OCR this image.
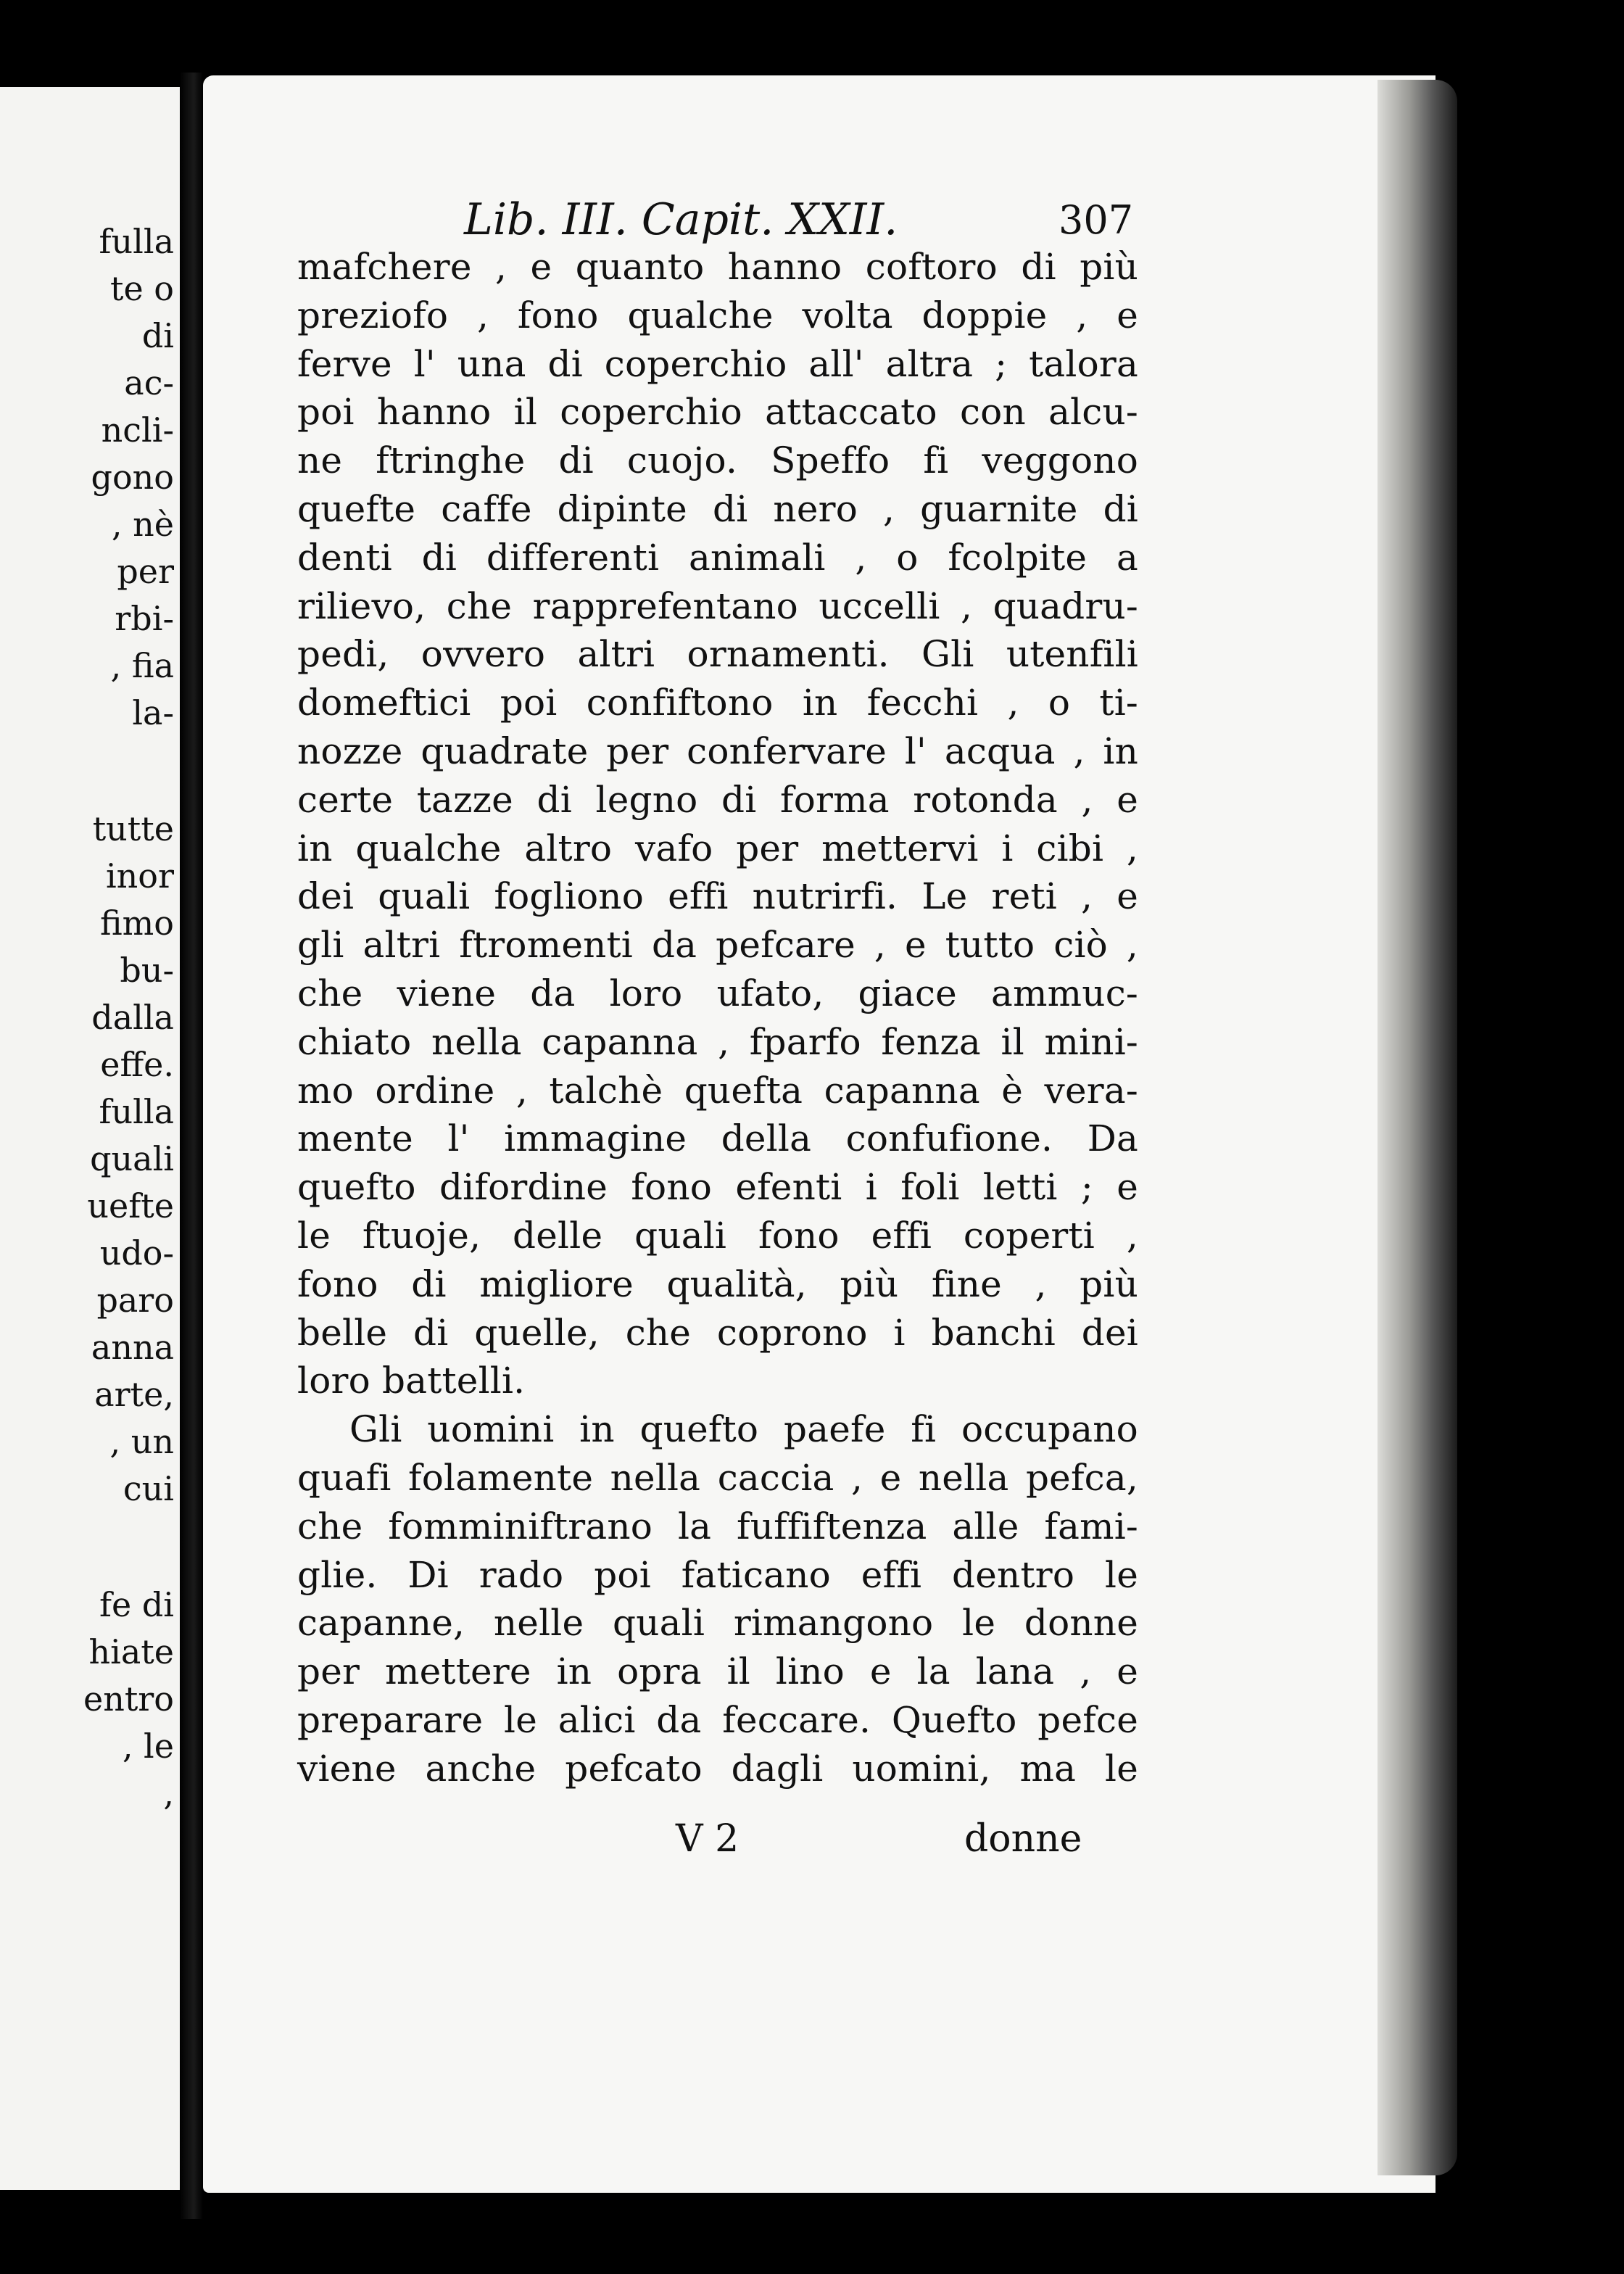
fulla
te o
di
ac-
ncli-
gono
, nè
per
rbi-
, fia
la-
tutte
inor
fimo
bu-
dalla
effe.
fulla
quali
uefte
udo-
paro
anna
arte,
, un
cui
fe di
hiate
entro
, le
,
Lib. III. Capit. XXII.	307
mafchere , e quanto hanno coftoro di più
preziofo , fono qualche volta doppie , e
ferve l' una di coperchio all' altra ; talora
poi hanno il coperchio attaccato con alcu-
ne ftringhe di cuojo. Speffo fi veggono
quefte caffe dipinte di nero , guarnite di
denti di differenti animali , o fcolpite a
rilievo, che rapprefentano uccelli , quadru-
pedi, ovvero altri ornamenti. Gli utenfili
domeftici poi confiftono in fecchi , o ti-
nozze quadrate per confervare l' acqua , in
certe tazze di legno di forma rotonda , e
in qualche altro vafo per mettervi i cibi ,
dei quali fogliono effi nutrirfi. Le reti , e
gli altri ftromenti da pefcare , e tutto ciò ,
che viene da loro ufato, giace ammuc-
chiato nella capanna , fparfo fenza il mini-
mo ordine , talchè quefta capanna è vera-
mente l' immagine della confufione. Da
quefto difordine fono efenti i foli letti ; e
le ftuoje, delle quali fono effi coperti ,
fono di migliore qualità, più fine , più
belle di quelle, che coprono i banchi dei
loro battelli.
Gli uomini in quefto paefe fi occupano
quafi folamente nella caccia , e nella pefca,
che fomminiftrano la fuffiftenza alle fami-
glie. Di rado poi faticano effi dentro le
capanne, nelle quali rimangono le donne
per mettere in opra il lino e la lana , e
preparare le alici da feccare. Quefto pefce
viene anche pefcato dagli uomini, ma le
V 2	donne
